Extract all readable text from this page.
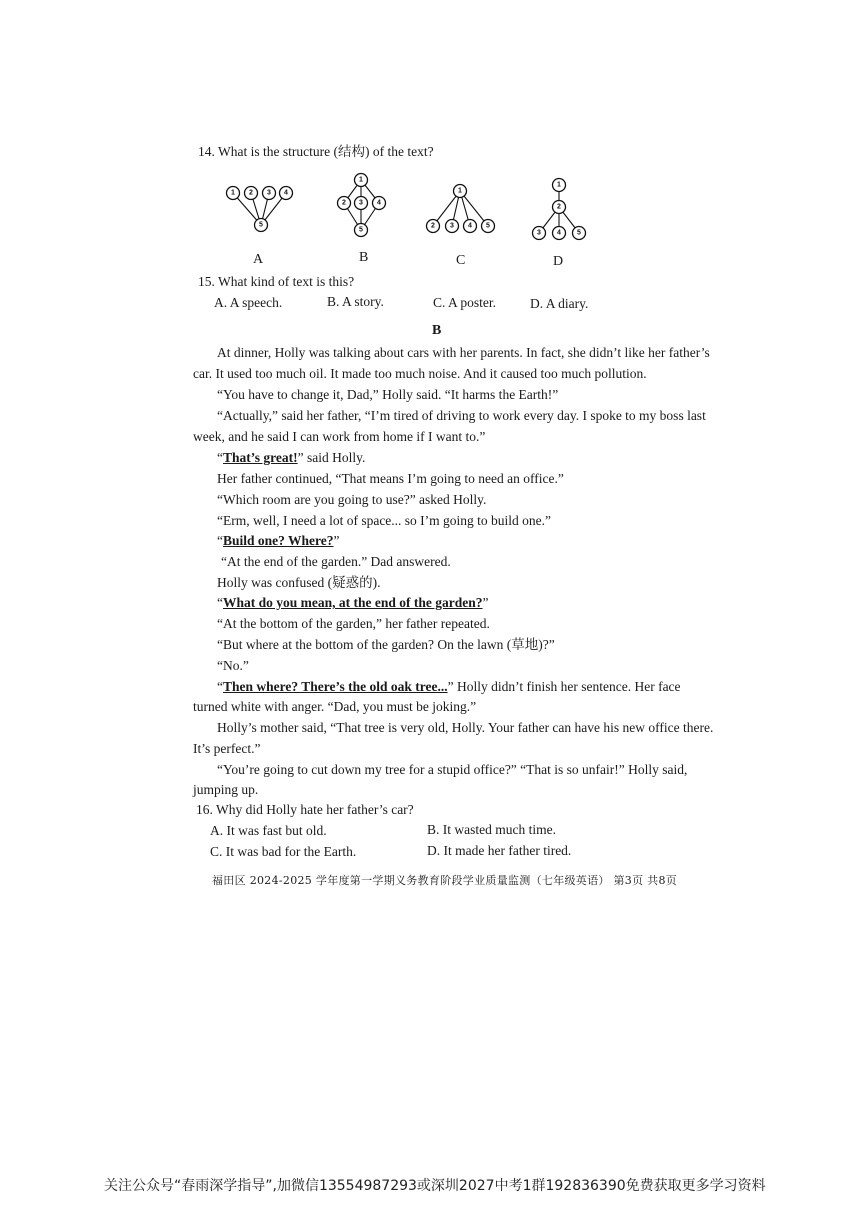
14. What is the structure (结构) of the text?
1 2 3 4
5
A
1
2 3 4
5
B
1
2 3 4 5
C
1
2
3 4 5
D
15. What kind of text is this?
A. A speech.	B. A story.	C. A poster.	D. A diary.
B
At dinner, Holly was talking about cars with her parents. In fact, she didn’t like her father’s
car. It used too much oil. It made too much noise. And it caused too much pollution.
“You have to change it, Dad,” Holly said. “It harms the Earth!”
“Actually,” said her father, “I’m tired of driving to work every day. I spoke to my boss last
week, and he said I can work from home if I want to.”
“That’s great!” said Holly.
Her father continued, “That means I’m going to need an office.”
“Which room are you going to use?” asked Holly.
“Erm, well, I need a lot of space... so I’m going to build one.”
“Build one? Where?”
“At the end of the garden.” Dad answered.
Holly was confused (疑惑的).
“What do you mean, at the end of the garden?”
“At the bottom of the garden,” her father repeated.
“But where at the bottom of the garden? On the lawn (草地)?”
“No.”
“Then where? There’s the old oak tree...” Holly didn’t finish her sentence. Her face
turned white with anger. “Dad, you must be joking.”
Holly’s mother said, “That tree is very old, Holly. Your father can have his new office there.
It’s perfect.”
“You’re going to cut down my tree for a stupid office?” “That is so unfair!” Holly said,
jumping up.
16. Why did Holly hate her father’s car?
A. It was fast but old.	B. It wasted much time.
C. It was bad for the Earth.	D. It made her father tired.
福田区 2024-2025 学年度第一学期义务教育阶段学业质量监测（七年级英语） 第3页 共8页
关注公众号“春雨深学指导”,加微信13554987293或深圳2027中考1群192836390免费获取更多学习资料
